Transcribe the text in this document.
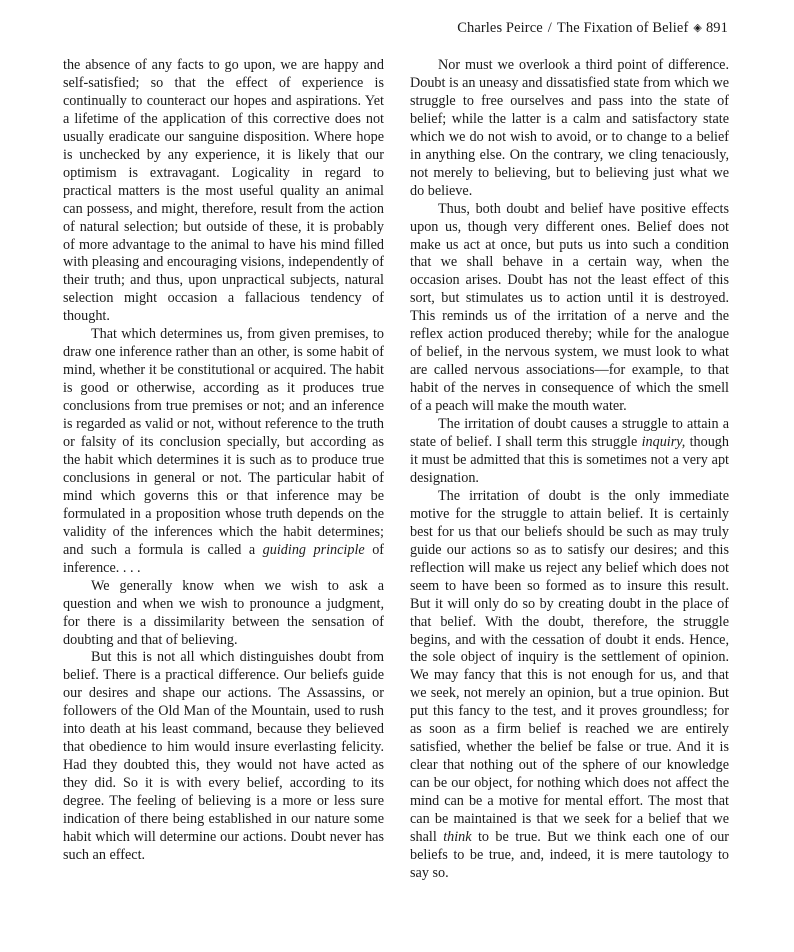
Charles Peirce / The Fixation of Belief ◈ 891

the absence of any facts to go upon, we are happy and self-satisfied; so that the effect of experience is continually to counteract our hopes and aspirations. Yet a lifetime of the application of this corrective does not usually eradicate our sanguine disposition. Where hope is unchecked by any experience, it is likely that our optimism is extravagant. Logicality in regard to practical matters is the most useful quality an animal can possess, and might, therefore, result from the action of natural selection; but outside of these, it is probably of more advantage to the animal to have his mind filled with pleasing and encouraging visions, independently of their truth; and thus, upon unpractical subjects, natural selection might occasion a fallacious tendency of thought.

That which determines us, from given premises, to draw one inference rather than an other, is some habit of mind, whether it be constitutional or acquired. The habit is good or otherwise, according as it produces true conclusions from true premises or not; and an inference is regarded as valid or not, without reference to the truth or falsity of its conclusion specially, but according as the habit which determines it is such as to produce true conclusions in general or not. The particular habit of mind which governs this or that inference may be formulated in a proposition whose truth depends on the validity of the inferences which the habit determines; and such a formula is called a guiding principle of inference. . . .

We generally know when we wish to ask a question and when we wish to pronounce a judgment, for there is a dissimilarity between the sensation of doubting and that of believing.

But this is not all which distinguishes doubt from belief. There is a practical difference. Our beliefs guide our desires and shape our actions. The Assassins, or followers of the Old Man of the Mountain, used to rush into death at his least command, because they believed that obedience to him would insure everlasting felicity. Had they doubted this, they would not have acted as they did. So it is with every belief, according to its degree. The feeling of believing is a more or less sure indication of there being established in our nature some habit which will determine our actions. Doubt never has such an effect.

Nor must we overlook a third point of difference. Doubt is an uneasy and dissatisfied state from which we struggle to free ourselves and pass into the state of belief; while the latter is a calm and satisfactory state which we do not wish to avoid, or to change to a belief in anything else. On the contrary, we cling tenaciously, not merely to believing, but to believing just what we do believe.

Thus, both doubt and belief have positive effects upon us, though very different ones. Belief does not make us act at once, but puts us into such a condition that we shall behave in a certain way, when the occasion arises. Doubt has not the least effect of this sort, but stimulates us to action until it is destroyed. This reminds us of the irritation of a nerve and the reflex action produced thereby; while for the analogue of belief, in the nervous system, we must look to what are called nervous associations—for example, to that habit of the nerves in consequence of which the smell of a peach will make the mouth water.

The irritation of doubt causes a struggle to attain a state of belief. I shall term this struggle inquiry, though it must be admitted that this is sometimes not a very apt designation.

The irritation of doubt is the only immediate motive for the struggle to attain belief. It is certainly best for us that our beliefs should be such as may truly guide our actions so as to satisfy our desires; and this reflection will make us reject any belief which does not seem to have been so formed as to insure this result. But it will only do so by creating doubt in the place of that belief. With the doubt, therefore, the struggle begins, and with the cessation of doubt it ends. Hence, the sole object of inquiry is the settlement of opinion. We may fancy that this is not enough for us, and that we seek, not merely an opinion, but a true opinion. But put this fancy to the test, and it proves groundless; for as soon as a firm belief is reached we are entirely satisfied, whether the belief be false or true. And it is clear that nothing out of the sphere of our knowledge can be our object, for nothing which does not affect the mind can be a motive for mental effort. The most that can be maintained is that we seek for a belief that we shall think to be true. But we think each one of our beliefs to be true, and, indeed, it is mere tautology to say so.
